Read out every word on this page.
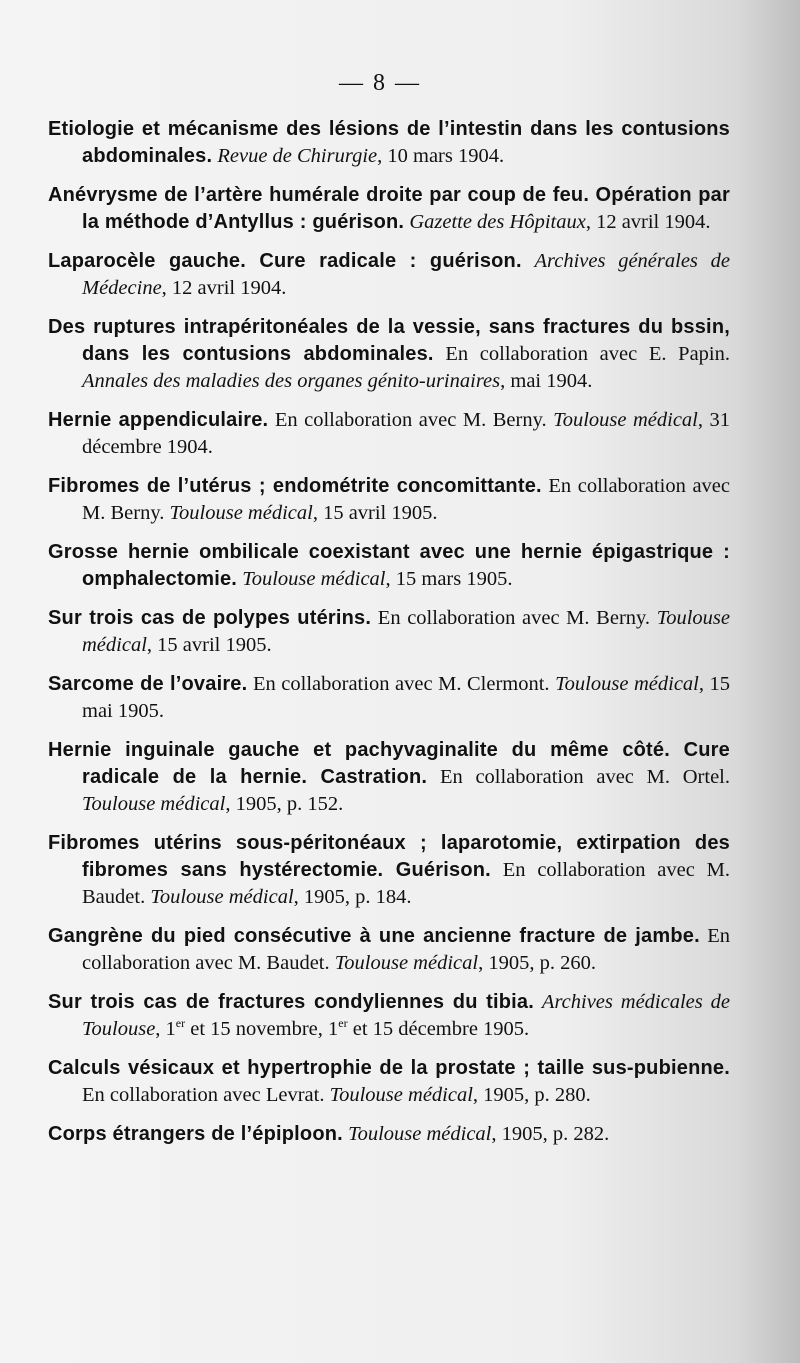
— 8 —

Etiologie et mécanisme des lésions de l’intestin dans les contusions abdominales. Revue de Chirurgie, 10 mars 1904.

Anévrysme de l’artère humérale droite par coup de feu. Opération par la méthode d’Antyllus : guérison. Gazette des Hôpitaux, 12 avril 1904.

Laparocèle gauche. Cure radicale : guérison. Archives générales de Médecine, 12 avril 1904.

Des ruptures intrapéritonéales de la vessie, sans fractures du bssin, dans les contusions abdominales. En collaboration avec E. Papin. Annales des maladies des organes génito-urinaires, mai 1904.

Hernie appendiculaire. En collaboration avec M. Berny. Toulouse médical, 31 décembre 1904.

Fibromes de l’utérus ; endométrite concomittante. En collaboration avec M. Berny. Toulouse médical, 15 avril 1905.

Grosse hernie ombilicale coexistant avec une hernie épigastrique : omphalectomie. Toulouse médical, 15 mars 1905.

Sur trois cas de polypes utérins. En collaboration avec M. Berny. Toulouse médical, 15 avril 1905.

Sarcome de l’ovaire. En collaboration avec M. Clermont. Toulouse médical, 15 mai 1905.

Hernie inguinale gauche et pachyvaginalite du même côté. Cure radicale de la hernie. Castration. En collaboration avec M. Ortel. Toulouse médical, 1905, p. 152.

Fibromes utérins sous-péritonéaux ; laparotomie, extirpation des fibromes sans hystérectomie. Guérison. En collaboration avec M. Baudet. Toulouse médical, 1905, p. 184.

Gangrène du pied consécutive à une ancienne fracture de jambe. En collaboration avec M. Baudet. Toulouse médical, 1905, p. 260.

Sur trois cas de fractures condyliennes du tibia. Archives médicales de Toulouse, 1er et 15 novembre, 1er et 15 décembre 1905.

Calculs vésicaux et hypertrophie de la prostate ; taille sus-pubienne. En collaboration avec Levrat. Toulouse médical, 1905, p. 280.

Corps étrangers de l’épiploon. Toulouse médical, 1905, p. 282.
